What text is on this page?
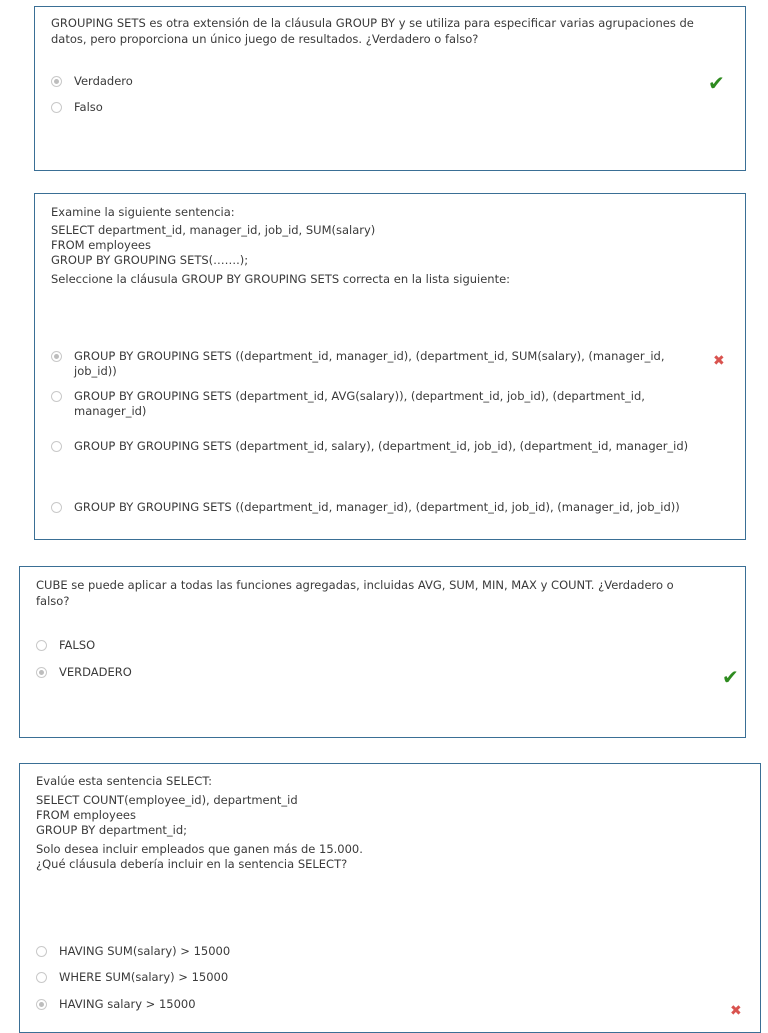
GROUPING SETS es otra extensión de la cláusula GROUP BY y se utiliza para especificar varias agrupaciones de
datos, pero proporciona un único juego de resultados. ¿Verdadero o falso?
Verdadero
Falso
✔
Examine la siguiente sentencia:
SELECT department_id, manager_id, job_id, SUM(salary)
FROM employees
GROUP BY GROUPING SETS(…….);
Seleccione la cláusula GROUP BY GROUPING SETS correcta en la lista siguiente:
GROUP BY GROUPING SETS ((department_id, manager_id), (department_id, SUM(salary), (manager_id,
job_id))
GROUP BY GROUPING SETS (department_id, AVG(salary)), (department_id, job_id), (department_id,
manager_id)
GROUP BY GROUPING SETS (department_id, salary), (department_id, job_id), (department_id, manager_id)
GROUP BY GROUPING SETS ((department_id, manager_id), (department_id, job_id), (manager_id, job_id))
✖
CUBE se puede aplicar a todas las funciones agregadas, incluidas AVG, SUM, MIN, MAX y COUNT. ¿Verdadero o
falso?
FALSO
VERDADERO	✔
Evalúe esta sentencia SELECT:
SELECT COUNT(employee_id), department_id
FROM employees
GROUP BY department_id;
Solo desea incluir empleados que ganen más de 15.000.
¿Qué cláusula debería incluir en la sentencia SELECT?
HAVING SUM(salary) > 15000
WHERE SUM(salary) > 15000
HAVING salary > 15000	✖
